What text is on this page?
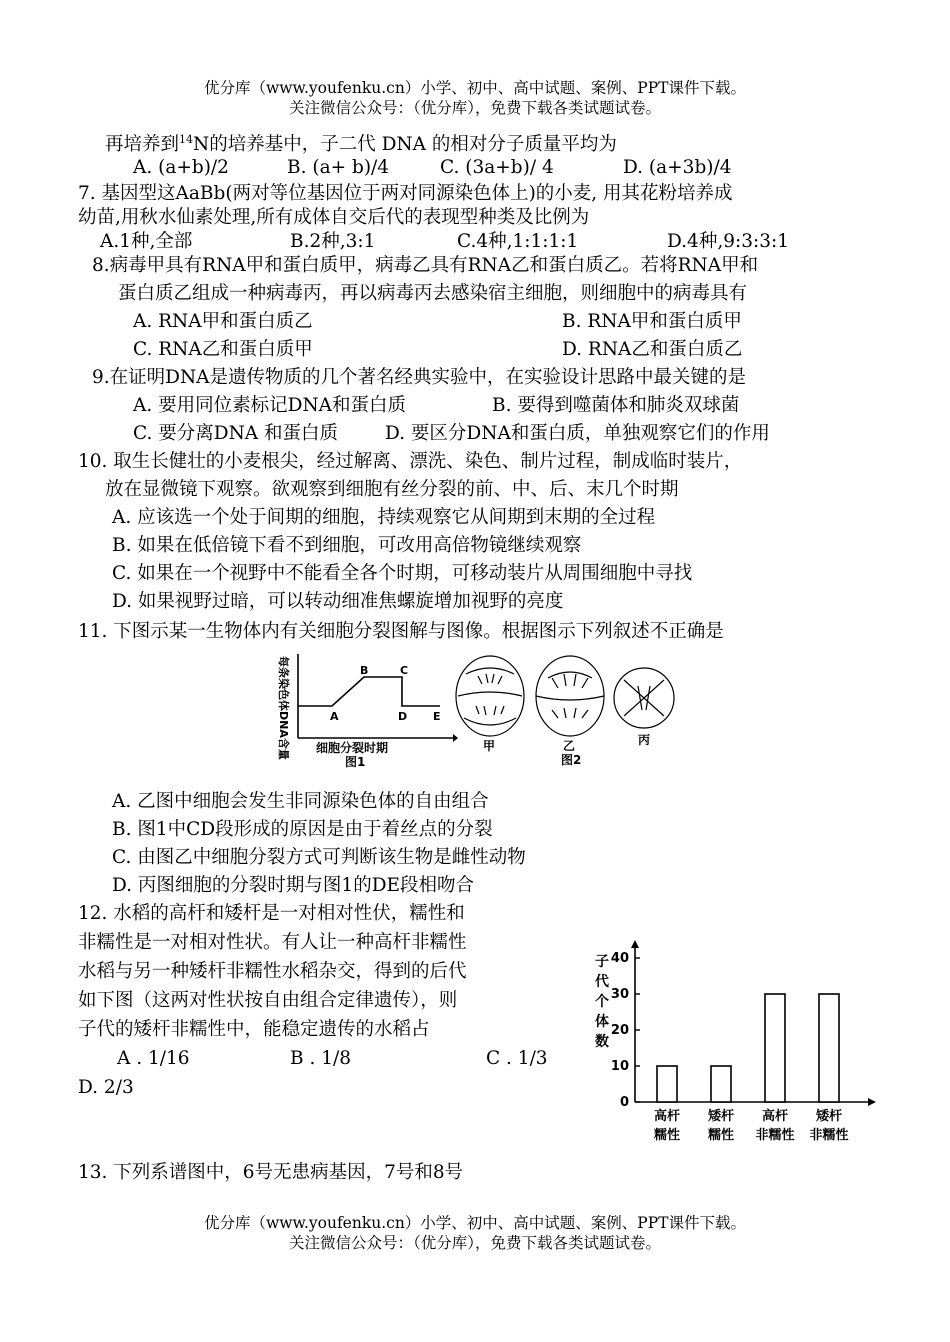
优分库（www.youfenku.cn）小学、初中、高中试题、案例、PPT课件下载。
关注微信公众号：（优分库），免费下载各类试题试卷。
再培养到$^{14}$N的培养基中，子二代 DNA 的相对分子质量平均为
A. (a+b)/2	B. (a+ b)/4	C. (3a+b)/ 4	D. (a+3b)/4
7. 基因型这AaBb(两对等位基因位于两对同源染色体上)的小麦, 用其花粉培养成
幼苗,用秋水仙素处理,所有成体自交后代的表现型种类及比例为
A.1种,全部	B.2种,3:1	C.4种,1:1:1:1	D.4种,9:3:3:1
8.病毒甲具有RNA甲和蛋白质甲，病毒乙具有RNA乙和蛋白质乙。若将RNA甲和
蛋白质乙组成一种病毒丙，再以病毒丙去感染宿主细胞，则细胞中的病毒具有
A. RNA甲和蛋白质乙	B. RNA甲和蛋白质甲
C. RNA乙和蛋白质甲	D. RNA乙和蛋白质乙
9.在证明DNA是遗传物质的几个著名经典实验中，在实验设计思路中最关键的是
A. 要用同位素标记DNA和蛋白质	B. 要得到噬菌体和肺炎双球菌
C. 要分离DNA 和蛋白质	D. 要区分DNA和蛋白质，单独观察它们的作用
10. 取生长健壮的小麦根尖，经过解离、漂洗、染色、制片过程，制成临时装片，
放在显微镜下观察。欲观察到细胞有丝分裂的前、中、后、末几个时期
A. 应该选一个处于间期的细胞，持续观察它从间期到末期的全过程
B. 如果在低倍镜下看不到细胞，可改用高倍物镜继续观察
C. 如果在一个视野中不能看全各个时期，可移动装片从周围细胞中寻找
D. 如果视野过暗，可以转动细准焦螺旋增加视野的亮度
11. 下图示某一生物体内有关细胞分裂图解与图像。根据图示下列叙述不正确是
每条染色体DNA含量	A
B	C
D E
细胞分裂时期
图1
甲	乙
图2
丙
A. 乙图中细胞会发生非同源染色体的自由组合
B. 图1中CD段形成的原因是由于着丝点的分裂
C. 由图乙中细胞分裂方式可判断该生物是雌性动物
D. 丙图细胞的分裂时期与图1的DE段相吻合
12. 水稻的高杆和矮杆是一对相对性伏，糯性和
非糯性是一对相对性状。有人让一种高杆非糯性
水稻与另一种矮杆非糯性水稻杂交，得到的后代
如下图（这两对性状按自由组合定律遗传），则
子代的矮杆非糯性中，能稳定遗传的水稻占
A . 1/16	B . 1/8	C . 1/3
D. 2/3
0
10
20
30
40
子
代
个
体
数
高杆
糯性
矮杆
糯性
高杆
非糯性
矮杆
非糯性
13. 下列系谱图中，6号无患病基因，7号和8号
优分库（www.youfenku.cn）小学、初中、高中试题、案例、PPT课件下载。
关注微信公众号：（优分库），免费下载各类试题试卷。
